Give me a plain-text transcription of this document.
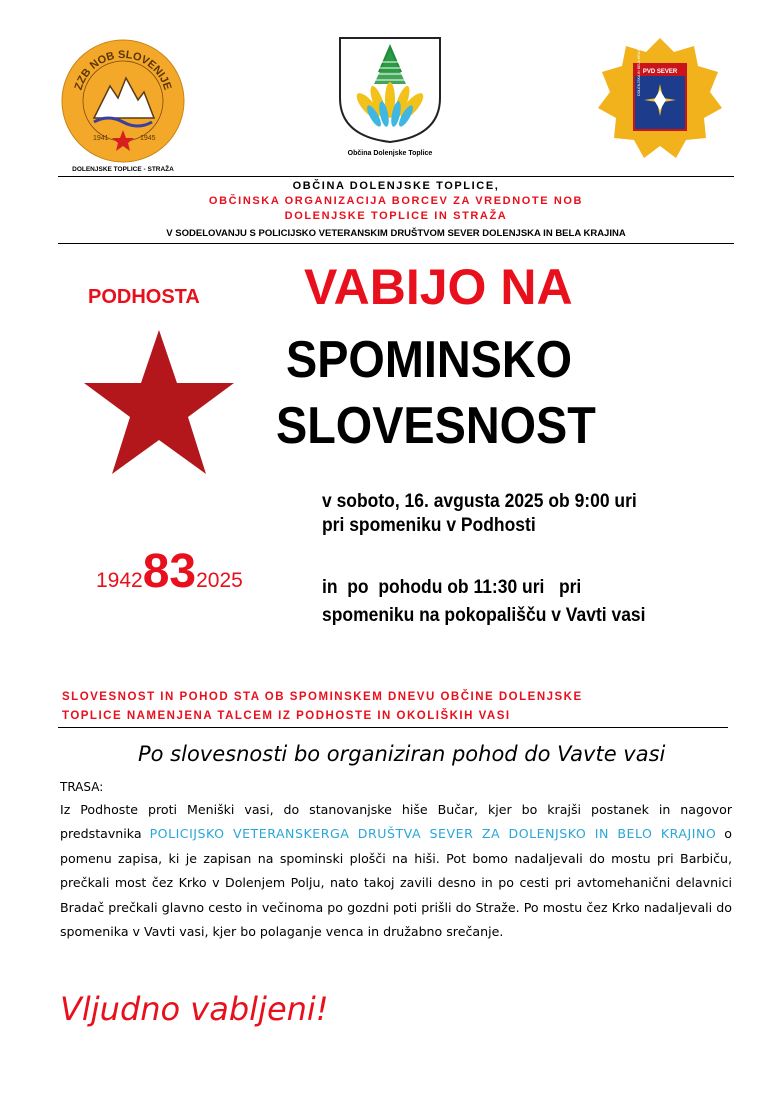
ZZB NOB SLOVENIJE
1941	1945
DOLENJSKE TOPLICE - STRAŽA
Občina Dolenjske Toplice
PVD SEVER
DOLENJSKA IN BELA KRAJINA
OBČINA DOLENJSKE TOPLICE,
OBČINSKA ORGANIZACIJA BORCEV ZA VREDNOTE NOB
DOLENJSKE TOPLICE IN STRAŽA
V SODELOVANJU S POLICIJSKO VETERANSKIM DRUŠTVOM SEVER DOLENJSKA IN BELA KRAJINA
PODHOSTA VABIJO NA
SPOMINSKO
SLOVESNOST
v soboto, 16. avgusta 2025 ob 9:00 uri
pri spomeniku v Podhosti
1942832025	in  po  pohodu ob 11:30 uri   pri
spomeniku na pokopališču v Vavti vasi
SLOVESNOST IN POHOD STA OB SPOMINSKEM DNEVU OBČINE DOLENJSKE
TOPLICE NAMENJENA TALCEM IZ PODHOSTE IN OKOLIŠKIH VASI
Po slovesnosti bo organiziran pohod do Vavte vasi
TRASA:
Iz Podhoste proti Meniški vasi, do stanovanjske hiše Bučar, kjer bo krajši postanek in nagovor predstavnika POLICIJSKO VETERANSKERGA DRUŠTVA SEVER ZA DOLENJSKO IN BELO KRAJINO o pomenu zapisa, ki je zapisan na spominski plošči na hiši. Pot bomo nadaljevali do mostu pri Barbiču, prečkali most čez Krko v Dolenjem Polju, nato takoj zavili desno in po cesti pri avtomehanični delavnici Bradač prečkali glavno cesto in večinoma po gozdni poti prišli do Straže. Po mostu čez Krko nadaljevali do spomenika v Vavti vasi, kjer bo polaganje venca in družabno srečanje.
Vljudno vabljeni!
